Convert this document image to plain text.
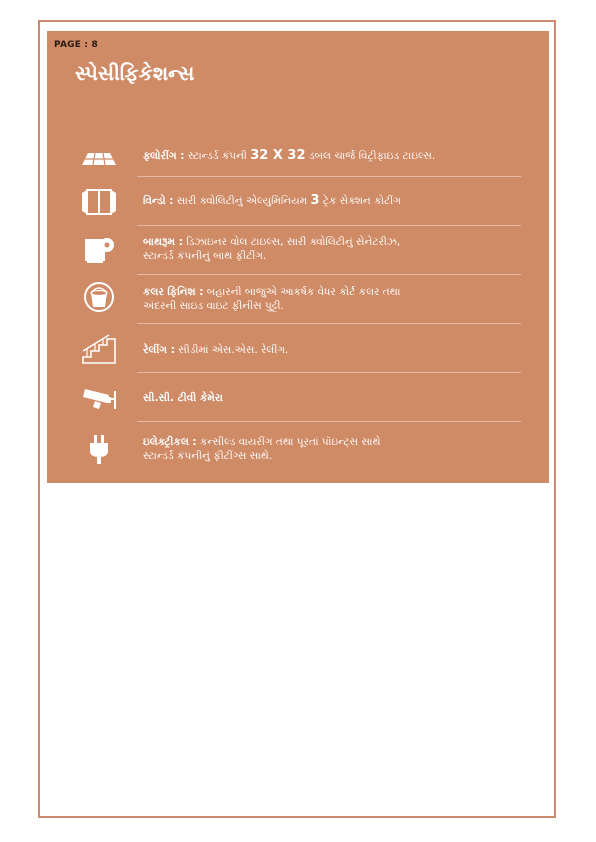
PAGE : 8
સ્પેસીફિકેશન્સ
ફ્લોરીંગ : સ્ટાન્ડર્ડ કંપની 32 X 32 ડબલ ચાર્જ વિટ્રીફાઇડ ટાઇલ્સ.
વિન્ડો : સારી ક્વોલિટીનું એલ્યુમિનિયમ 3 ટ્રેક સેક્શન કોટીંગ
બાથરૂમ : ડિઝાઇનર વોલ ટાઇલ્સ, સારી ક્વોલિટીનું સેનેટરીઝ,
સ્ટાન્ડર્ડ કંપનીનું બાથ ફીટીંગ.
કલર ફિનિશ : બહારની બાજુએ આકર્ષક વેધર કોર્ટ કલર તથા
અંદરની સાઇડ વાઇટ ફીનીસ પુટ્ટી.
રેલીંગ : સીડીમાં એસ.એસ. રેલીંગ.
સી.સી. ટીવી કેમેરા
ઇલેક્ટ્રીકલ : કન્સીલ્ડ વાયરીંગ તથા પૂરતાં પૉઇન્ટ્સ સાથે
સ્ટાન્ડર્ડ કંપનીનું ફીટીંગ્સ સાથે.
